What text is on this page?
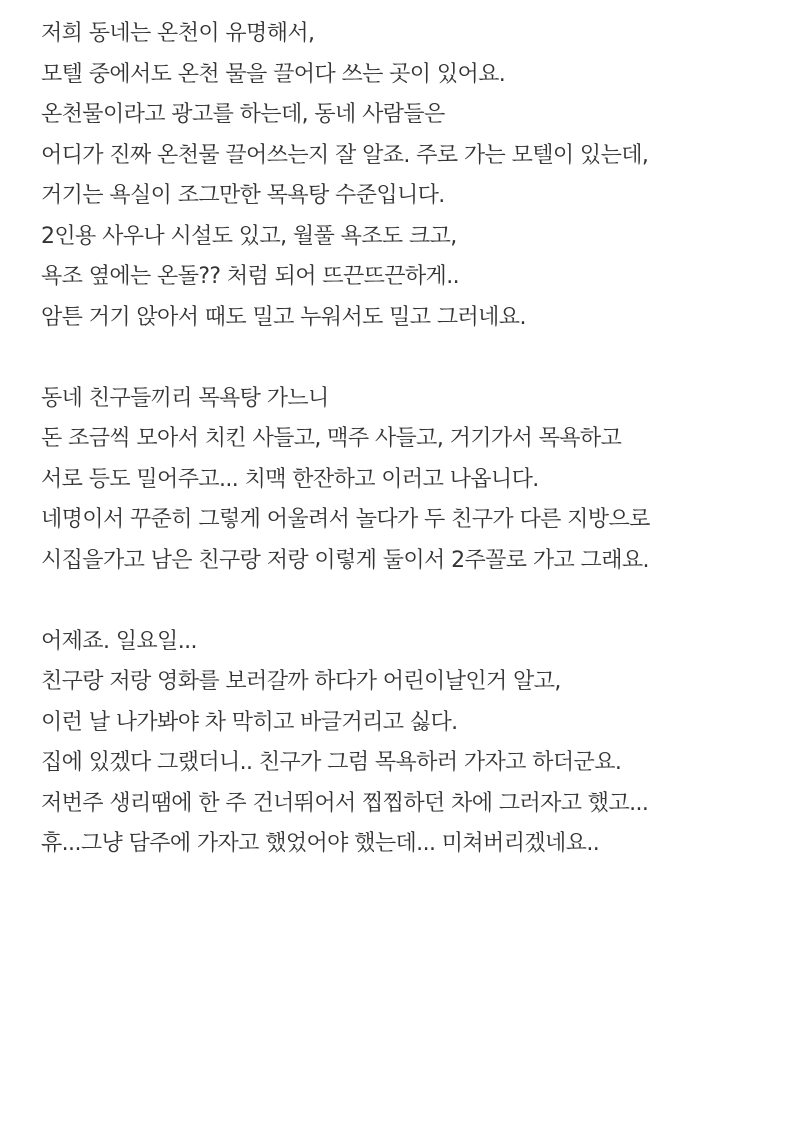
저희 동네는 온천이 유명해서,
모텔 중에서도 온천 물을 끌어다 쓰는 곳이 있어요.
온천물이라고 광고를 하는데, 동네 사람들은
어디가 진짜 온천물 끌어쓰는지 잘 알죠. 주로 가는 모텔이 있는데,
거기는 욕실이 조그만한 목욕탕 수준입니다.
2인용 사우나 시설도 있고, 월풀 욕조도 크고,
욕조 옆에는 온돌?? 처럼 되어 뜨끈뜨끈하게..
암튼 거기 앉아서 때도 밀고 누워서도 밀고 그러네요.
동네 친구들끼리 목욕탕 가느니
돈 조금씩 모아서 치킨 사들고, 맥주 사들고, 거기가서 목욕하고
서로 등도 밀어주고... 치맥 한잔하고 이러고 나옵니다.
네명이서 꾸준히 그렇게 어울려서 놀다가 두 친구가 다른 지방으로
시집을가고 남은 친구랑 저랑 이렇게 둘이서 2주꼴로 가고 그래요.
어제죠. 일요일...
친구랑 저랑 영화를 보러갈까 하다가 어린이날인거 알고,
이런 날 나가봐야 차 막히고 바글거리고 싫다.
집에 있겠다 그랬더니.. 친구가 그럼 목욕하러 가자고 하더군요.
저번주 생리땜에 한 주 건너뛰어서 찝찝하던 차에 그러자고 했고...
휴...그냥 담주에 가자고 했었어야 했는데... 미쳐버리겠네요..
